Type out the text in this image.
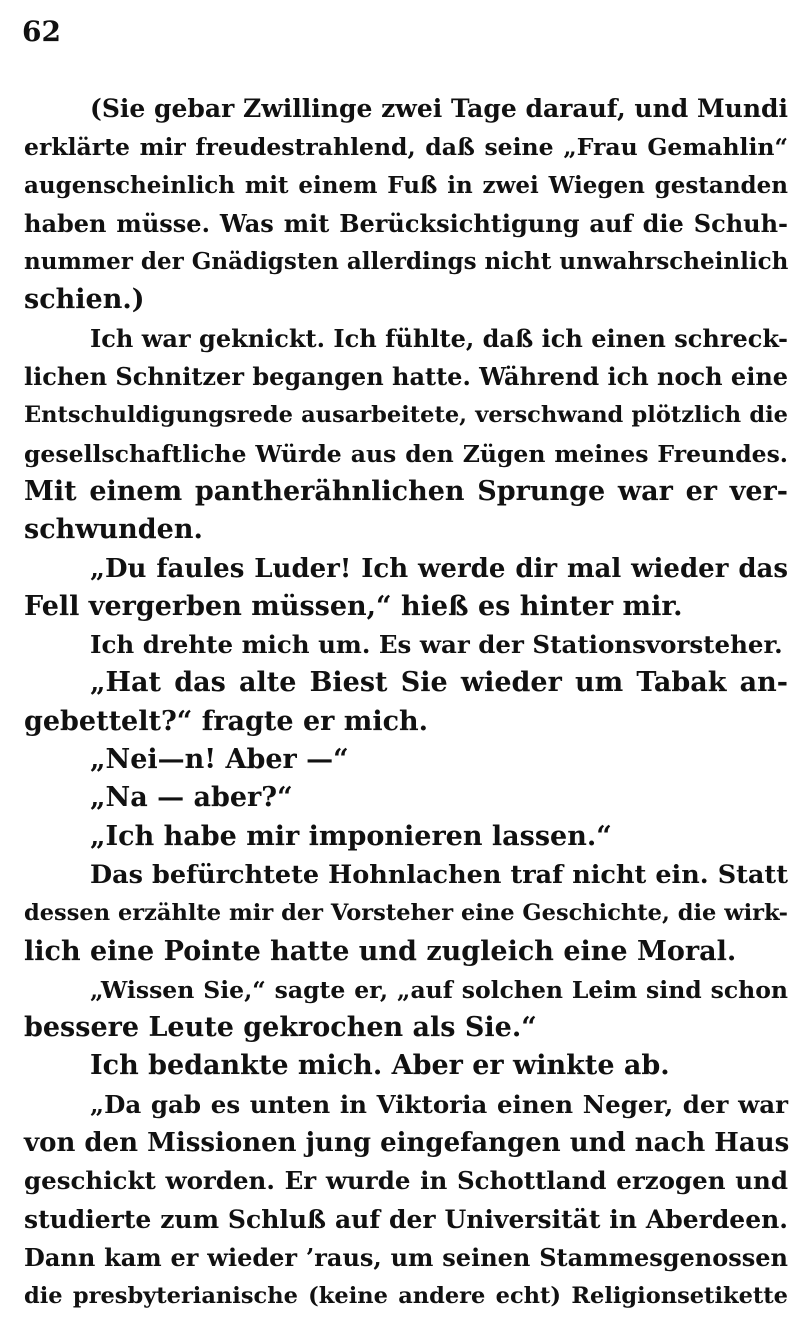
62
(Sie gebar Zwillinge zwei Tage darauf, und Mundi
erklärte mir freudestrahlend, daß seine „Frau Gemahlin“
augenscheinlich mit einem Fuß in zwei Wiegen gestanden
haben müsse. Was mit Berücksichtigung auf die Schuh-
nummer der Gnädigsten allerdings nicht unwahrscheinlich
schien.)
Ich war geknickt. Ich fühlte, daß ich einen schreck-
lichen Schnitzer begangen hatte. Während ich noch eine
Entschuldigungsrede ausarbeitete, verschwand plötzlich die
gesellschaftliche Würde aus den Zügen meines Freundes.
Mit einem pantherähnlichen Sprunge war er ver-
schwunden.
„Du faules Luder! Ich werde dir mal wieder das
Fell vergerben müssen,“ hieß es hinter mir.
Ich drehte mich um. Es war der Stationsvorsteher.
„Hat das alte Biest Sie wieder um Tabak an-
gebettelt?“ fragte er mich.
„Nei—n! Aber —“
„Na — aber?“
„Ich habe mir imponieren lassen.“
Das befürchtete Hohnlachen traf nicht ein. Statt
dessen erzählte mir der Vorsteher eine Geschichte, die wirk-
lich eine Pointe hatte und zugleich eine Moral.
„Wissen Sie,“ sagte er, „auf solchen Leim sind schon
bessere Leute gekrochen als Sie.“
Ich bedankte mich. Aber er winkte ab.
„Da gab es unten in Viktoria einen Neger, der war
von den Missionen jung eingefangen und nach Haus
geschickt worden. Er wurde in Schottland erzogen und
studierte zum Schluß auf der Universität in Aberdeen.
Dann kam er wieder ’raus, um seinen Stammesgenossen
die presbyterianische (keine andere echt) Religionsetikette
